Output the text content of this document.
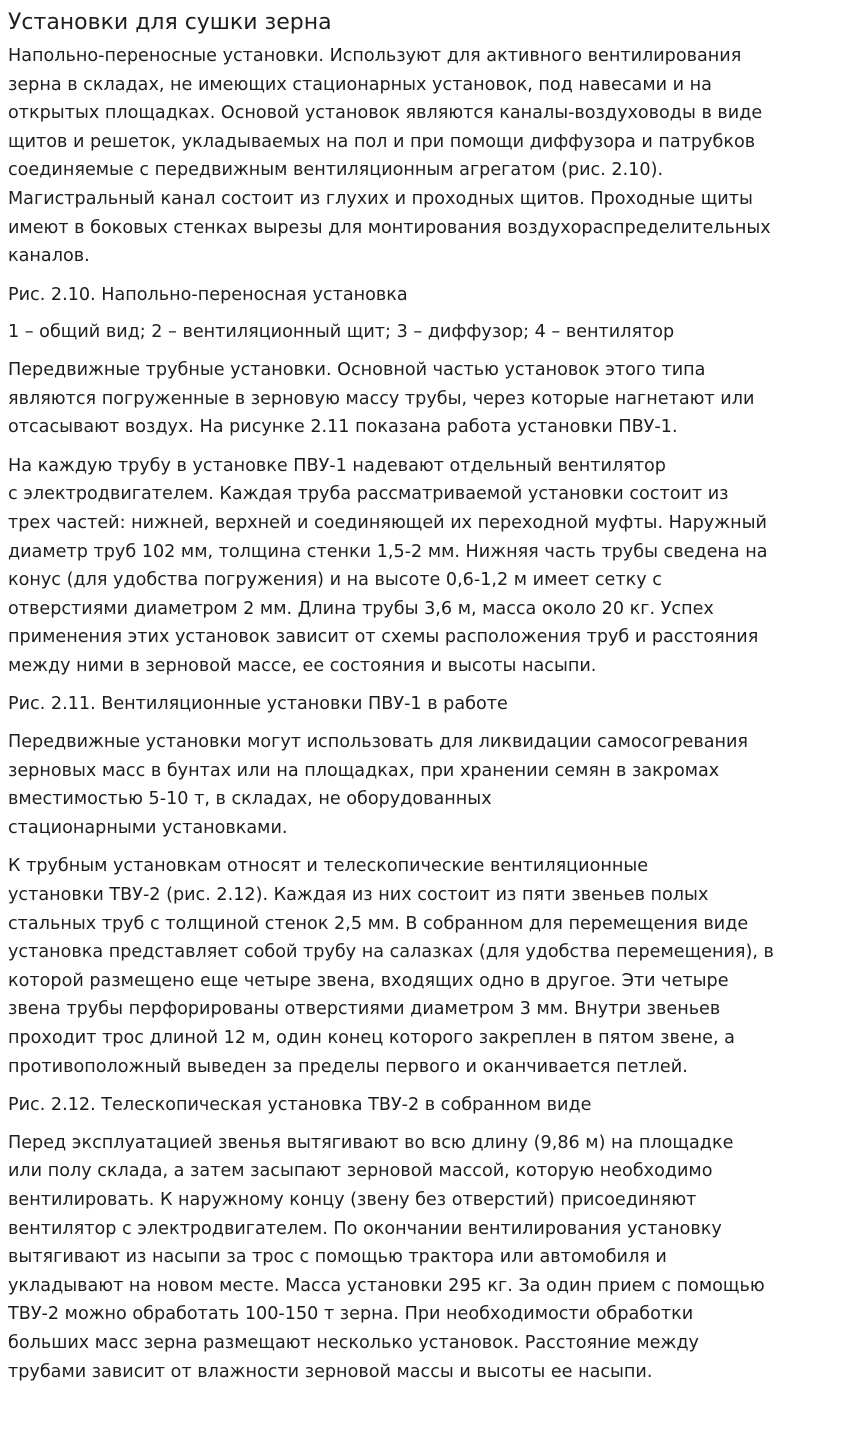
Установки для сушки зерна

Напольно-переносные установки. Используют для активного вентилирования
зерна в складах, не имеющих стационарных установок, под навесами и на
открытых площадках. Основой установок являются каналы-воздуховоды в виде
щитов и решеток, укладываемых на пол и при помощи диффузора и патрубков
соединяемые с передвижным вентиляционным агрегатом (рис. 2.10).
Магистральный канал состоит из глухих и проходных щитов. Проходные щиты
имеют в боковых стенках вырезы для монтирования воздухораспределительных
каналов.

Рис. 2.10. Напольно-переносная установка

1 – общий вид; 2 – вентиляционный щит; 3 – диффузор; 4 – вентилятор

Передвижные трубные установки. Основной частью установок этого типа
являются погруженные в зерновую массу трубы, через которые нагнетают или
отсасывают воздух. На рисунке 2.11 показана работа установки ПВУ-1.

На каждую трубу в установке ПВУ-1 надевают отдельный вентилятор
с электродвигателем. Каждая труба рассматриваемой установки состоит из
трех частей: нижней, верхней и соединяющей их переходной муфты. Наружный
диаметр труб 102 мм, толщина стенки 1,5-2 мм. Нижняя часть трубы сведена на
конус (для удобства погружения) и на высоте 0,6-1,2 м имеет сетку с
отверстиями диаметром 2 мм. Длина трубы 3,6 м, масса около 20 кг. Успех
применения этих установок зависит от схемы расположения труб и расстояния
между ними в зерновой массе, ее состояния и высоты насыпи.

Рис. 2.11. Вентиляционные установки ПВУ-1 в работе

Передвижные установки могут использовать для ликвидации самосогревания
зерновых масс в бунтах или на площадках, при хранении семян в закромах
вместимостью 5-10 т, в складах, не оборудованных
стационарными установками.

К трубным установкам относят и телескопические вентиляционные
установки ТВУ-2 (рис. 2.12). Каждая из них состоит из пяти звеньев полых
стальных труб с толщиной стенок 2,5 мм. В собранном для перемещения виде
установка представляет собой трубу на салазках (для удобства перемещения), в
которой размещено еще четыре звена, входящих одно в другое. Эти четыре
звена трубы перфорированы отверстиями диаметром 3 мм. Внутри звеньев
проходит трос длиной 12 м, один конец которого закреплен в пятом звене, а
противоположный выведен за пределы первого и оканчивается петлей.

Рис. 2.12. Телескопическая установка ТВУ-2 в собранном виде

Перед эксплуатацией звенья вытягивают во всю длину (9,86 м) на площадке
или полу склада, а затем засыпают зерновой массой, которую необходимо
вентилировать. К наружному концу (звену без отверстий) присоединяют
вентилятор с электродвигателем. По окончании вентилирования установку
вытягивают из насыпи за трос с помощью трактора или автомобиля и
укладывают на новом месте. Масса установки 295 кг. За один прием с помощью
ТВУ-2 можно обработать 100-150 т зерна. При необходимости обработки
больших масс зерна размещают несколько установок. Расстояние между
трубами зависит от влажности зерновой массы и высоты ее насыпи.
